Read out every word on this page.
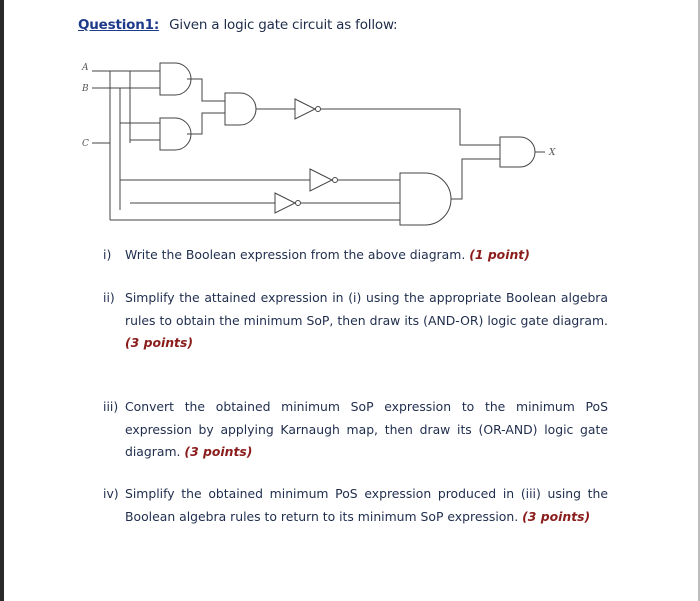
Question1: Given a logic gate circuit as follow:
A
B
C
X
i) Write the Boolean expression from the above diagram. (1 point)
ii) Simplify the attained expression in (i) using the appropriate Boolean algebra rules to obtain the minimum SoP, then draw its (AND-OR) logic gate diagram. (3 points)
iii) Convert the obtained minimum SoP expression to the minimum PoS expression by applying Karnaugh map, then draw its (OR-AND) logic gate diagram. (3 points)
iv) Simplify the obtained minimum PoS expression produced in (iii) using the Boolean algebra rules to return to its minimum SoP expression. (3 points)
